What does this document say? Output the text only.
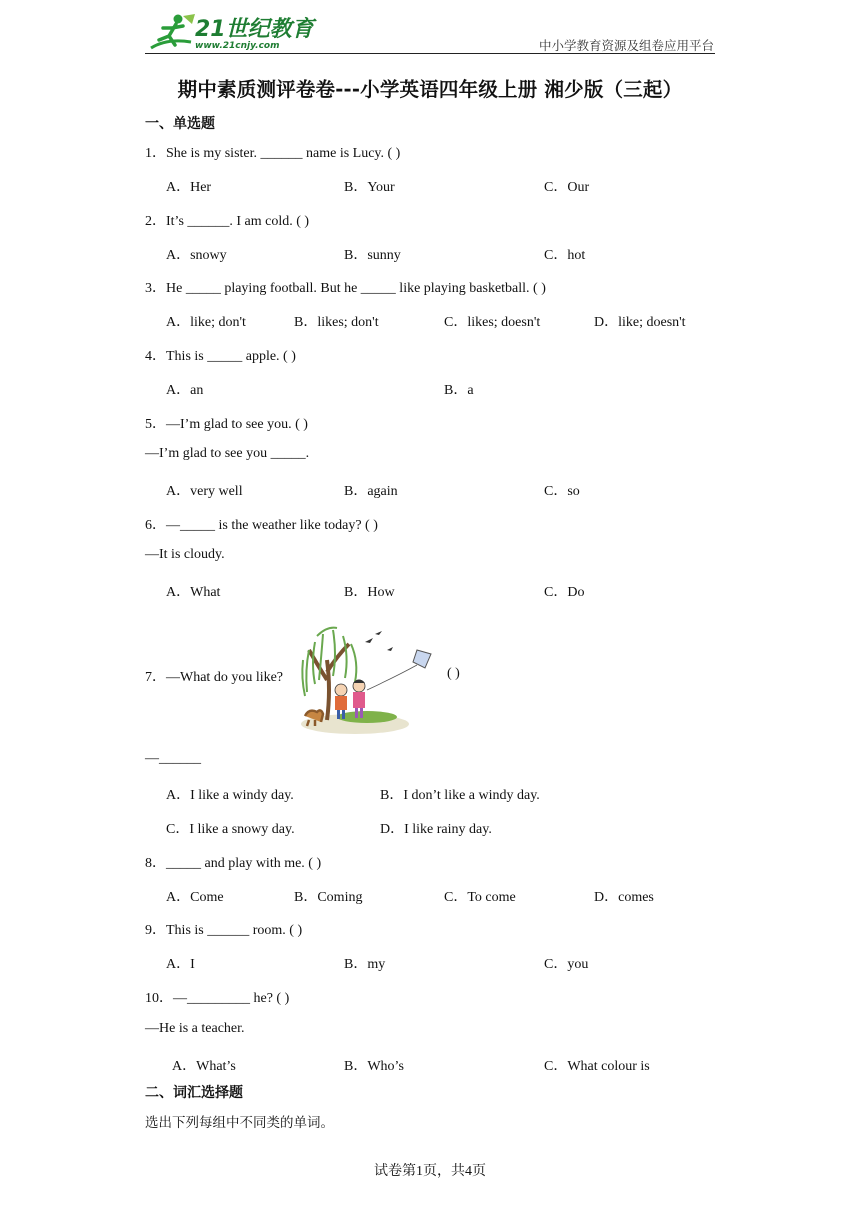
21世纪教育
www.21cnjy.com	中小学教育资源及组卷应用平台
期中素质测评卷卷---小学英语四年级上册 湘少版（三起）
一、单选题
1．She is my sister. ______ name is Lucy. ( )
A．Her	B．Your	C．Our
2．It’s ______. I am cold. ( )
A．snowy	B．sunny	C．hot
3．He _____ playing football. But he _____ like playing basketball. ( )
A．like; don't	B．likes; don't	C．likes; doesn't	D．like; doesn't
4．This is _____ apple. ( )
A．an	B．a
5．—I’m glad to see you. ( )
—I’m glad to see you _____.
A．very well	B．again	C．so
6．—_____ is the weather like today? ( )
—It is cloudy.
A．What	B．How	C．Do
7．—What do you like?	( )
—______
A．I like a windy day.	B．I don’t like a windy day.
C．I like a snowy day.	D．I like rainy day.
8．_____ and play with me. ( )
A．Come	B．Coming	C．To come	D．comes
9．This is ______ room. ( )
A．I	B．my	C．you
10．—_________ he? ( )
—He is a teacher.
A．What’s	B．Who’s	C．What colour is
二、词汇选择题
选出下列每组中不同类的单词。
试卷第1页，共4页
